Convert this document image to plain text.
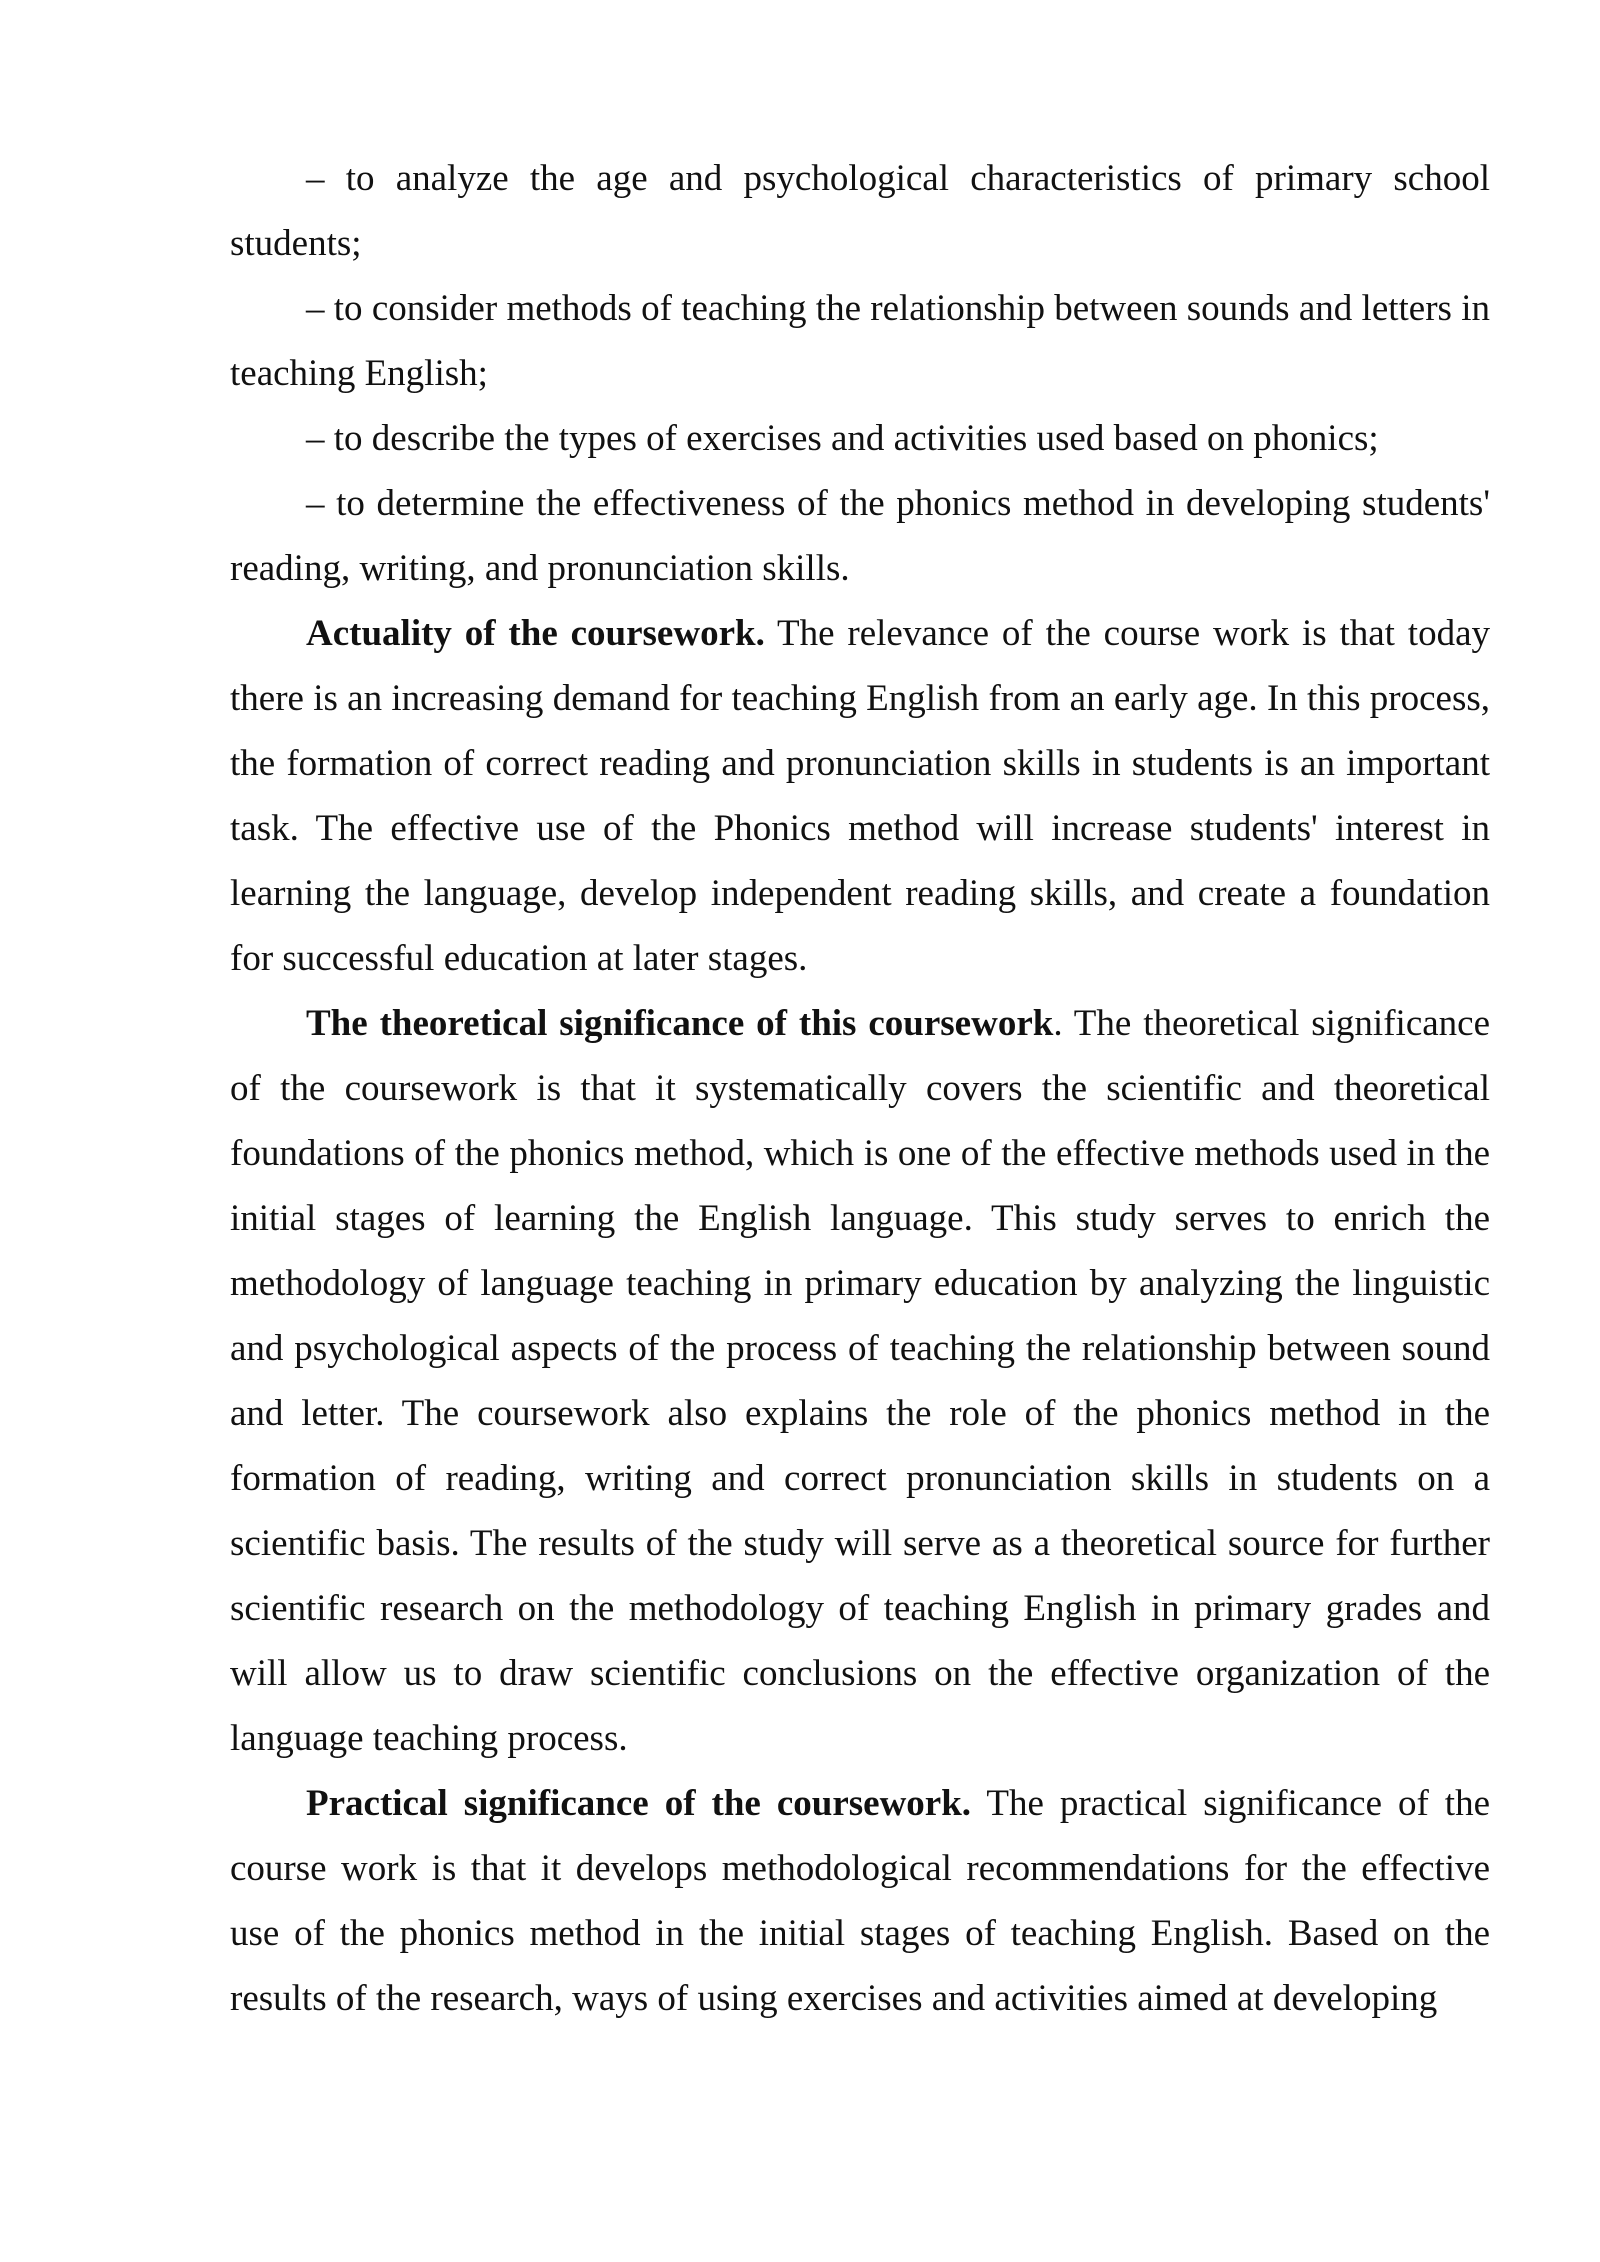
– to analyze the age and psychological characteristics of primary school students;

– to consider methods of teaching the relationship between sounds and letters in teaching English;

– to describe the types of exercises and activities used based on phonics;

– to determine the effectiveness of the phonics method in developing students' reading, writing, and pronunciation skills.

Actuality of the coursework. The relevance of the course work is that today there is an increasing demand for teaching English from an early age. In this process, the formation of correct reading and pronunciation skills in students is an important task. The effective use of the Phonics method will increase students' interest in learning the language, develop independent reading skills, and create a foundation for successful education at later stages.

The theoretical significance of this coursework. The theoretical significance of the coursework is that it systematically covers the scientific and theoretical foundations of the phonics method, which is one of the effective methods used in the initial stages of learning the English language. This study serves to enrich the methodology of language teaching in primary education by analyzing the linguistic and psychological aspects of the process of teaching the relationship between sound and letter. The coursework also explains the role of the phonics method in the formation of reading, writing and correct pronunciation skills in students on a scientific basis. The results of the study will serve as a theoretical source for further scientific research on the methodology of teaching English in primary grades and will allow us to draw scientific conclusions on the effective organization of the language teaching process.

Practical significance of the coursework. The practical significance of the course work is that it develops methodological recommendations for the effective use of the phonics method in the initial stages of teaching English. Based on the results of the research, ways of using exercises and activities aimed at developing
